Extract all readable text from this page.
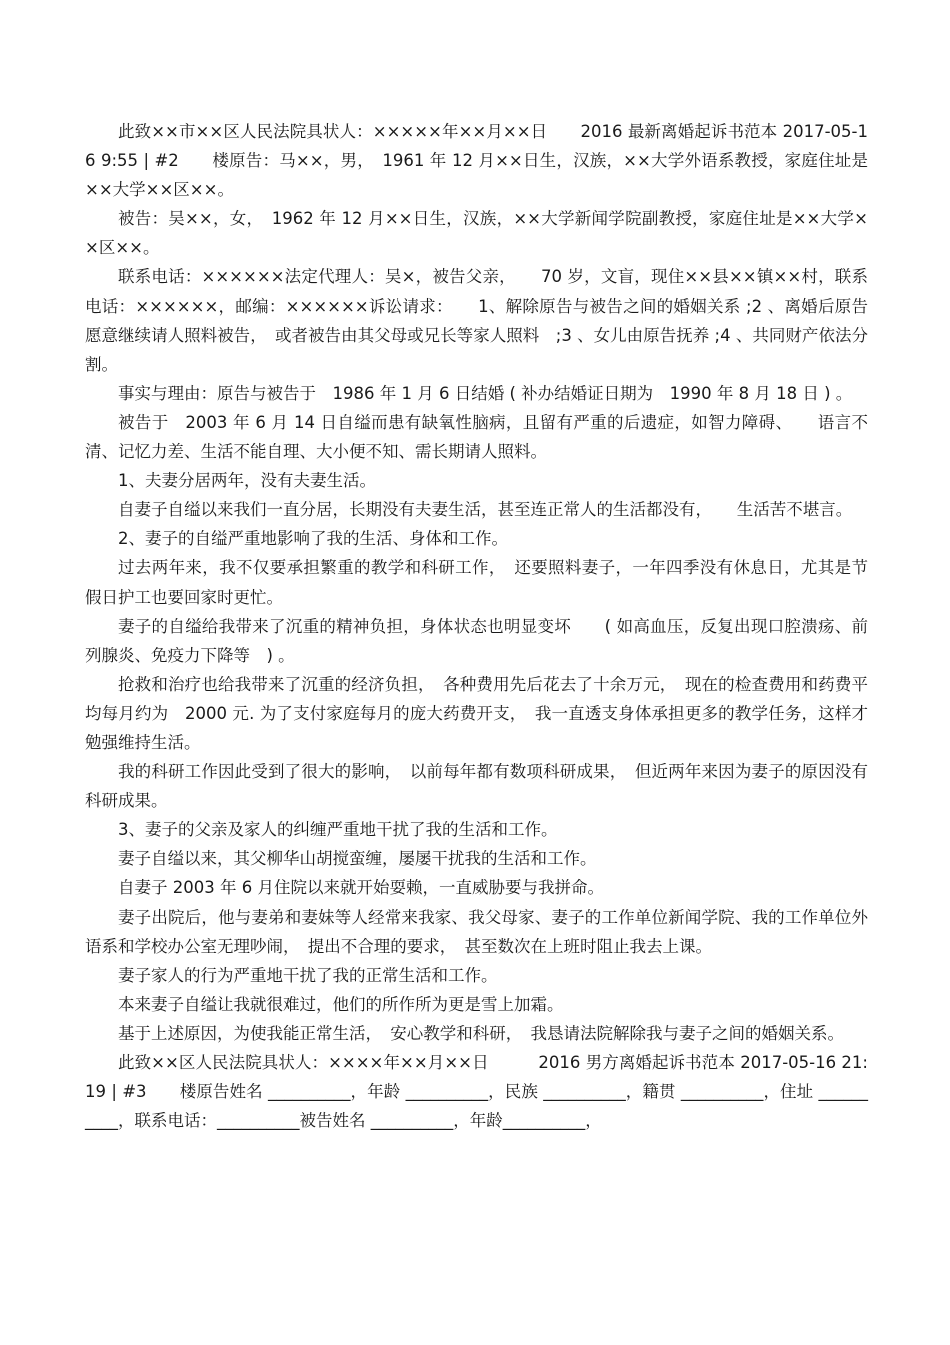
此致××市××区人民法院具状人：×××××年××月××日　　2016 最新离婚起诉书范本 2017-05-16 9:55 | #2　　楼原告：马××，男，　1961 年 12 月××日生，汉族，××大学外语系教授，家庭住址是××大学××区××。

被告：吴××，女，　1962 年 12 月××日生，汉族，××大学新闻学院副教授，家庭住址是××大学××区××。

联系电话：××××××法定代理人：吴×，被告父亲，　　70 岁，文盲，现住××县××镇××村，联系电话：××××××，邮编：××××××诉讼请求：　　1、解除原告与被告之间的婚姻关系 ;2 、离婚后原告愿意继续请人照料被告，　或者被告由其父母或兄长等家人照料　;3 、女儿由原告抚养 ;4 、共同财产依法分割。

事实与理由：原告与被告于　1986 年 1 月 6 日结婚 ( 补办结婚证日期为　1990 年 8 月 18 日 ) 。

被告于　2003 年 6 月 14 日自缢而患有缺氧性脑病，且留有严重的后遗症，如智力障碍、　　语言不清、记忆力差、生活不能自理、大小便不知、需长期请人照料。

1、夫妻分居两年，没有夫妻生活。

自妻子自缢以来我们一直分居，长期没有夫妻生活，甚至连正常人的生活都没有，　　生活苦不堪言。

2、妻子的自缢严重地影响了我的生活、身体和工作。

过去两年来，我不仅要承担繁重的教学和科研工作，　还要照料妻子，一年四季没有休息日，尤其是节假日护工也要回家时更忙。

妻子的自缢给我带来了沉重的精神负担，身体状态也明显变坏　　( 如高血压，反复出现口腔溃疡、前列腺炎、免疫力下降等　) 。

抢救和治疗也给我带来了沉重的经济负担，　各种费用先后花去了十余万元，　现在的检查费用和药费平均每月约为　2000 元. 为了支付家庭每月的庞大药费开支，　我一直透支身体承担更多的教学任务，这样才勉强维持生活。

我的科研工作因此受到了很大的影响，　以前每年都有数项科研成果，　但近两年来因为妻子的原因没有科研成果。

3、妻子的父亲及家人的纠缠严重地干扰了我的生活和工作。

妻子自缢以来，其父柳华山胡搅蛮缠，屡屡干扰我的生活和工作。

自妻子 2003 年 6 月住院以来就开始耍赖，一直威胁要与我拼命。

妻子出院后，他与妻弟和妻妹等人经常来我家、我父母家、妻子的工作单位新闻学院、我的工作单位外语系和学校办公室无理吵闹，　提出不合理的要求，　甚至数次在上班时阻止我去上课。

妻子家人的行为严重地干扰了我的正常生活和工作。

本来妻子自缢让我就很难过，他们的所作所为更是雪上加霜。

基于上述原因，为使我能正常生活，　安心教学和科研，　我恳请法院解除我与妻子之间的婚姻关系。

此致××区人民法院具状人：××××年××月××日　　　2016 男方离婚起诉书范本 2017-05-16 21:19 | #3　　楼原告姓名 __________，年龄 __________，民族 __________，籍贯 __________，住址 __________，联系电话：__________被告姓名 __________，年龄__________，
